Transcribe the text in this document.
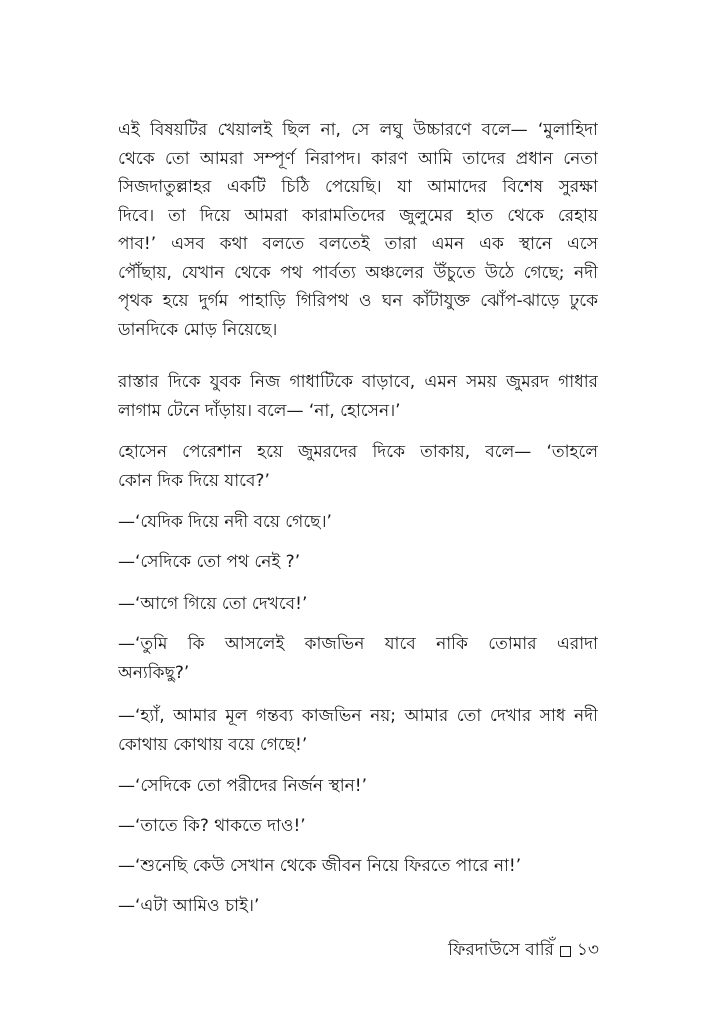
এই বিষয়টির খেয়ালই ছিল না, সে লঘু উচ্চারণে বলে— ‘মুলাহিদা
থেকে তো আমরা সম্পূর্ণ নিরাপদ। কারণ আমি তাদের প্রধান নেতা
সিজদাতুল্লাহর একটি চিঠি পেয়েছি। যা আমাদের বিশেষ সুরক্ষা
দিবে। তা দিয়ে আমরা কারামতিদের জুলুমের হাত থেকে রেহায়
পাব!’ এসব কথা বলতে বলতেই তারা এমন এক স্থানে এসে
পৌঁছায়, যেখান থেকে পথ পার্বত্য অঞ্চলের উঁচুতে উঠে গেছে; নদী
পৃথক হয়ে দুর্গম পাহাড়ি গিরিপথ ও ঘন কাঁটাযুক্ত ঝোঁপ-ঝাড়ে ঢুকে
ডানদিকে মোড় নিয়েছে।
রাস্তার দিকে যুবক নিজ গাধাটিকে বাড়াবে, এমন সময় জুমরদ গাধার
লাগাম টেনে দাঁড়ায়। বলে— ‘না, হোসেন।’
হোসেন পেরেশান হয়ে জুমরদের দিকে তাকায়, বলে— ‘তাহলে
কোন দিক দিয়ে যাবে?’
—‘যেদিক দিয়ে নদী বয়ে গেছে।’
—‘সেদিকে তো পথ নেই ?’
—‘আগে গিয়ে তো দেখবে!’
—‘তুমি কি আসলেই কাজভিন যাবে নাকি তোমার এরাদা
অন্যকিছু?’
—‘হ্যাঁ, আমার মূল গন্তব্য কাজভিন নয়; আমার তো দেখার সাধ নদী
কোথায় কোথায় বয়ে গেছে!’
—‘সেদিকে তো পরীদের নির্জন স্থান!’
—‘তাতে কি? থাকতে দাও!’
—‘শুনেছি কেউ সেখান থেকে জীবন নিয়ে ফিরতে পারে না!’
—‘এটা আমিও চাই।’
ফিরদাউসে বারিঁ ১৩
